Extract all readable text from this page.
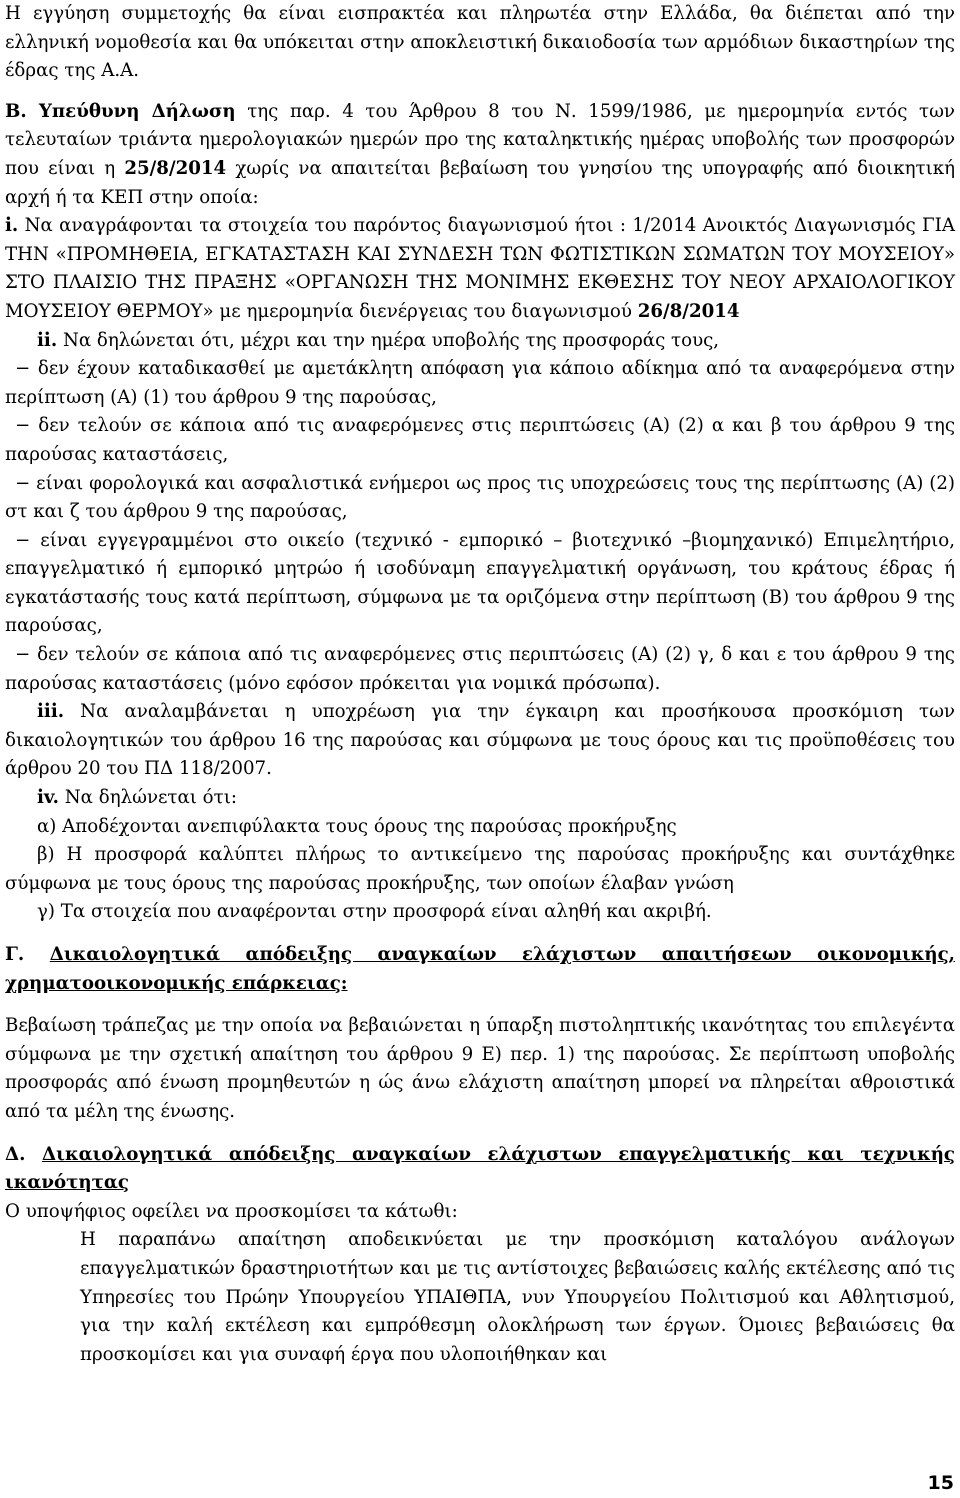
Η εγγύηση συμμετοχής θα είναι εισπρακτέα και πληρωτέα στην Ελλάδα, θα διέπεται από την ελληνική νομοθεσία και θα υπόκειται στην αποκλειστική δικαιοδοσία των αρμόδιων δικαστηρίων της έδρας της Α.Α.

Β. Υπεύθυνη Δήλωση της παρ. 4 του Άρθρου 8 του Ν. 1599/1986, με ημερομηνία εντός των τελευταίων τριάντα ημερολογιακών ημερών προ της καταληκτικής ημέρας υποβολής των προσφορών που είναι η 25/8/2014 χωρίς να απαιτείται βεβαίωση του γνησίου της υπογραφής από διοικητική αρχή ή τα ΚΕΠ στην οποία:

i. Να αναγράφονται τα στοιχεία του παρόντος διαγωνισμού ήτοι : 1/2014 Ανοικτός Διαγωνισμός ΓΙΑ ΤΗΝ «ΠΡΟΜΗΘΕΙΑ, ΕΓΚΑΤΑΣΤΑΣΗ ΚΑΙ ΣΥΝΔΕΣΗ ΤΩΝ ΦΩΤΙΣΤΙΚΩΝ ΣΩΜΑΤΩΝ ΤΟΥ ΜΟΥΣΕΙΟΥ» ΣΤΟ ΠΛΑΙΣΙΟ ΤΗΣ ΠΡΑΞΗΣ «ΟΡΓΑΝΩΣΗ ΤΗΣ ΜΟΝΙΜΗΣ ΕΚΘΕΣΗΣ ΤΟΥ ΝΕΟΥ ΑΡΧΑΙΟΛΟΓΙΚΟΥ ΜΟΥΣΕΙΟΥ ΘΕΡΜΟΥ» με ημερομηνία διενέργειας του διαγωνισμού 26/8/2014

ii. Να δηλώνεται ότι, μέχρι και την ημέρα υποβολής της προσφοράς τους,

− δεν έχουν καταδικασθεί με αμετάκλητη απόφαση για κάποιο αδίκημα από τα αναφερόμενα στην περίπτωση (Α) (1) του άρθρου 9 της παρούσας,

− δεν τελούν σε κάποια από τις αναφερόμενες στις περιπτώσεις (Α) (2) α και β του άρθρου 9 της παρούσας καταστάσεις,

− είναι φορολογικά και ασφαλιστικά ενήμεροι ως προς τις υποχρεώσεις τους της περίπτωσης (Α) (2) στ και ζ του άρθρου 9 της παρούσας,

− είναι εγγεγραμμένοι στο οικείο (τεχνικό - εμπορικό – βιοτεχνικό –βιομηχανικό) Επιμελητήριο, επαγγελματικό ή εμπορικό μητρώο ή ισοδύναμη επαγγελματική οργάνωση, του κράτους έδρας ή εγκατάστασής τους κατά περίπτωση, σύμφωνα με τα οριζόμενα στην περίπτωση (Β) του άρθρου 9 της παρούσας,

− δεν τελούν σε κάποια από τις αναφερόμενες στις περιπτώσεις (Α) (2) γ, δ και ε του άρθρου 9 της παρούσας καταστάσεις (μόνο εφόσον πρόκειται για νομικά πρόσωπα).

iii. Να αναλαμβάνεται η υποχρέωση για την έγκαιρη και προσήκουσα προσκόμιση των δικαιολογητικών του άρθρου 16 της παρούσας και σύμφωνα με τους όρους και τις προϋποθέσεις του άρθρου 20 του ΠΔ 118/2007.

iv. Να δηλώνεται ότι:

α) Αποδέχονται ανεπιφύλακτα τους όρους της παρούσας προκήρυξης

β) Η προσφορά καλύπτει πλήρως το αντικείμενο της παρούσας προκήρυξης και συντάχθηκε σύμφωνα με τους όρους της παρούσας προκήρυξης, των οποίων έλαβαν γνώση

γ) Τα στοιχεία που αναφέρονται στην προσφορά είναι αληθή και ακριβή.

Γ. Δικαιολογητικά απόδειξης αναγκαίων ελάχιστων απαιτήσεων οικονομικής, χρηματοοικονομικής επάρκειας:

Βεβαίωση τράπεζας με την οποία να βεβαιώνεται η ύπαρξη πιστοληπτικής ικανότητας του επιλεγέντα σύμφωνα με την σχετική απαίτηση του άρθρου 9 Ε) περ. 1) της παρούσας. Σε περίπτωση υποβολής προσφοράς από ένωση προμηθευτών η ώς άνω ελάχιστη απαίτηση μπορεί να πληρείται αθροιστικά από τα μέλη της ένωσης.

Δ. Δικαιολογητικά απόδειξης αναγκαίων ελάχιστων επαγγελματικής και τεχνικής ικανότητας

Ο υποψήφιος οφείλει να προσκομίσει τα κάτωθι:

Η παραπάνω απαίτηση αποδεικνύεται με την προσκόμιση καταλόγου ανάλογων επαγγελματικών δραστηριοτήτων και με τις αντίστοιχες βεβαιώσεις καλής εκτέλεσης από τις Υπηρεσίες του Πρώην Υπουργείου ΥΠΑΙΘΠΑ, νυν Υπουργείου Πολιτισμού και Αθλητισμού, για την καλή εκτέλεση και εμπρόθεσμη ολοκλήρωση των έργων. Όμοιες βεβαιώσεις θα προσκομίσει και για συναφή έργα που υλοποιήθηκαν και

15
